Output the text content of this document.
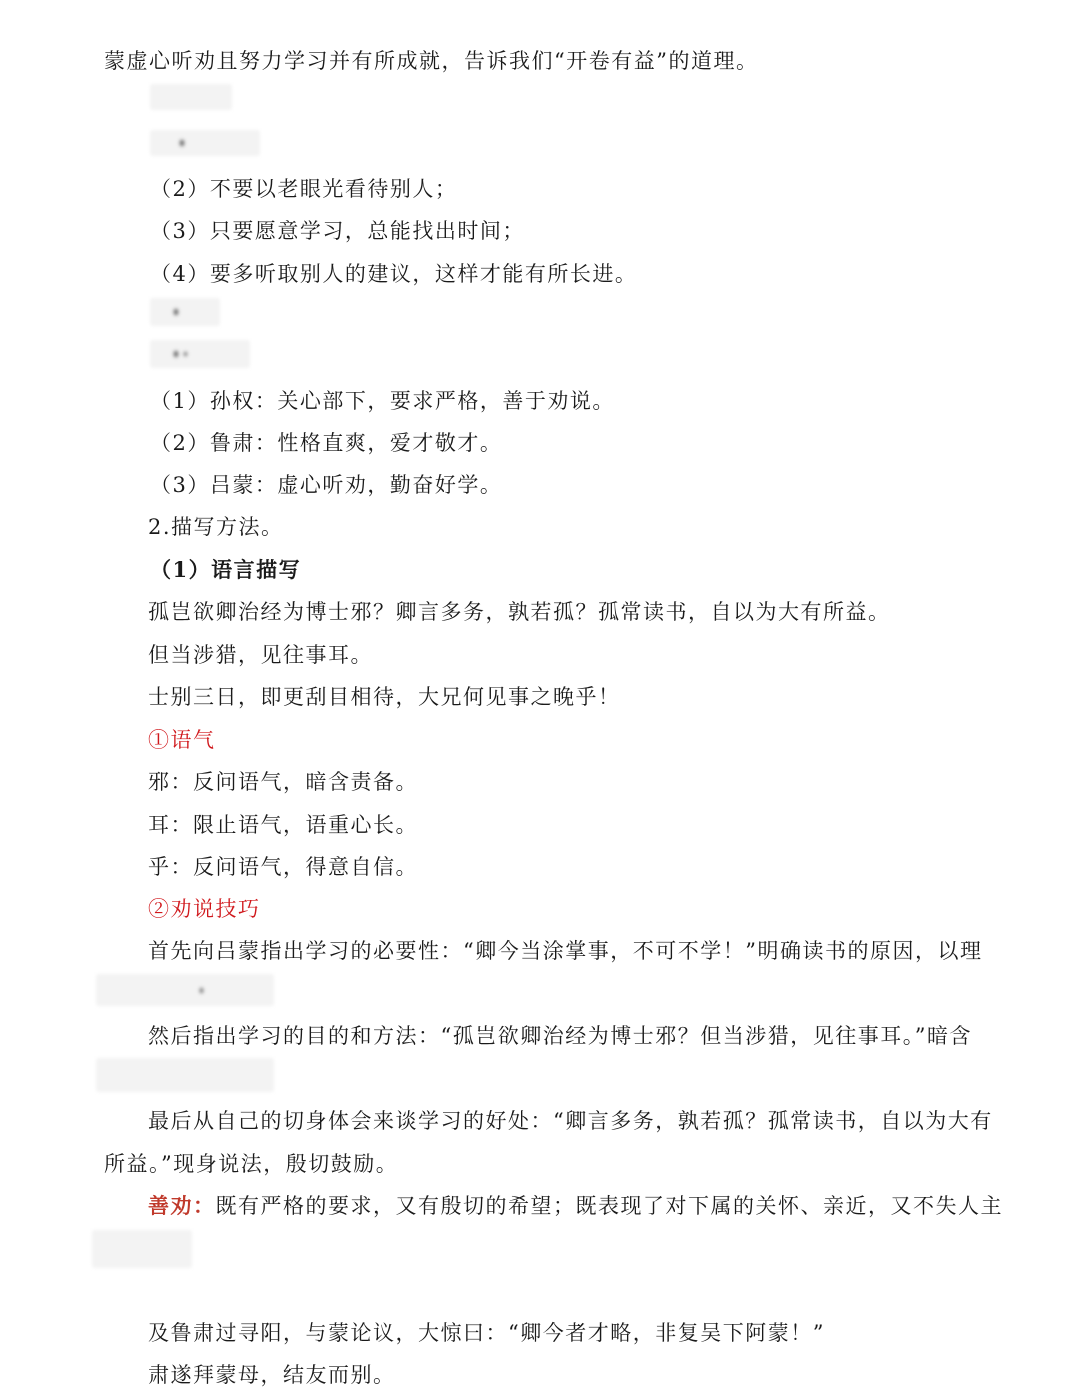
蒙虚心听劝且努力学习并有所成就，告诉我们“开卷有益”的道理。
（2）不要以老眼光看待别人；
（3）只要愿意学习，总能找出时间；
（4）要多听取别人的建议，这样才能有所长进。
（1）孙权：关心部下，要求严格，善于劝说。
（2）鲁肃：性格直爽，爱才敬才。
（3）吕蒙：虚心听劝，勤奋好学。
2.描写方法。
（1）语言描写
孤岂欲卿治经为博士邪？卿言多务，孰若孤？孤常读书，自以为大有所益。
但当涉猎，见往事耳。
士别三日，即更刮目相待，大兄何见事之晚乎！
①语气
邪：反问语气，暗含责备。
耳：限止语气，语重心长。
乎：反问语气，得意自信。
②劝说技巧
首先向吕蒙指出学习的必要性：“卿今当涂掌事，不可不学！”明确读书的原因，以理
然后指出学习的目的和方法：“孤岂欲卿治经为博士邪？但当涉猎，见往事耳。”暗含
最后从自己的切身体会来谈学习的好处：“卿言多务，孰若孤？孤常读书，自以为大有
所益。”现身说法，殷切鼓励。
善劝：既有严格的要求，又有殷切的希望；既表现了对下属的关怀、亲近，又不失人主
及鲁肃过寻阳，与蒙论议，大惊曰：“卿今者才略，非复吴下阿蒙！”
肃遂拜蒙母，结友而别。
